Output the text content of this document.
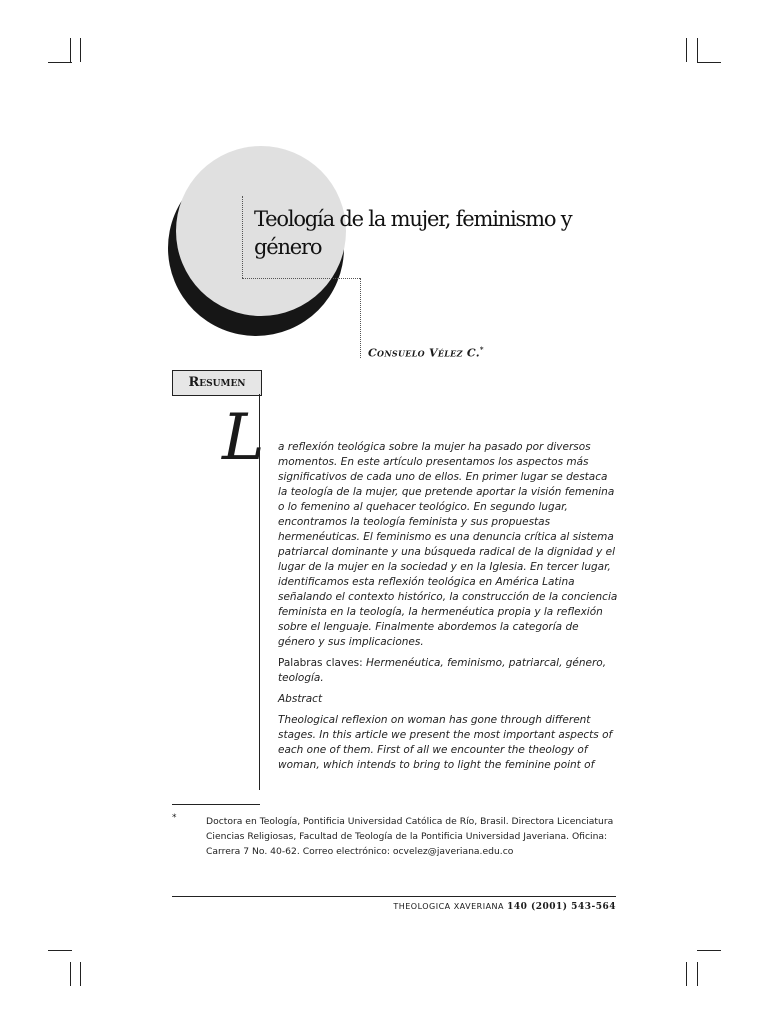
Teología de la mujer, feminismo y género
Consuelo Vélez C.*
Resumen
L a reflexión teológica sobre la mujer ha pasado por diversos momentos. En este artículo presentamos los aspectos más significativos de cada uno de ellos. En primer lugar se destaca la teología de la mujer, que pretende aportar la visión femenina o lo femenino al quehacer teológico. En segundo lugar, encontramos la teología feminista y sus propuestas hermenéuticas. El feminismo es una denuncia crítica al sistema patriarcal dominante y una búsqueda radical de la dignidad y el lugar de la mujer en la sociedad y en la Iglesia. En tercer lugar, identificamos esta reflexión teológica en América Latina señalando el contexto histórico, la construcción de la conciencia feminista en la teología, la hermenéutica propia y la reflexión sobre el lenguaje. Finalmente abordemos la categoría de género y sus implicaciones.

Palabras claves: Hermenéutica, feminismo, patriarcal, género, teología.

Abstract

Theological reflexion on woman has gone through different stages. In this article we present the most important aspects of each one of them. First of all we encounter the theology of woman, which intends to bring to light the feminine point of

*	Doctora en Teología, Pontificia Universidad Católica de Río, Brasil. Directora Licenciatura Ciencias Religiosas, Facultad de Teología de la Pontificia Universidad Javeriana. Oficina: Carrera 7 No. 40-62. Correo electrónico: ocvelez@javeriana.edu.co
THEOLOGICA XAVERIANA 140 (2001) 543-564
